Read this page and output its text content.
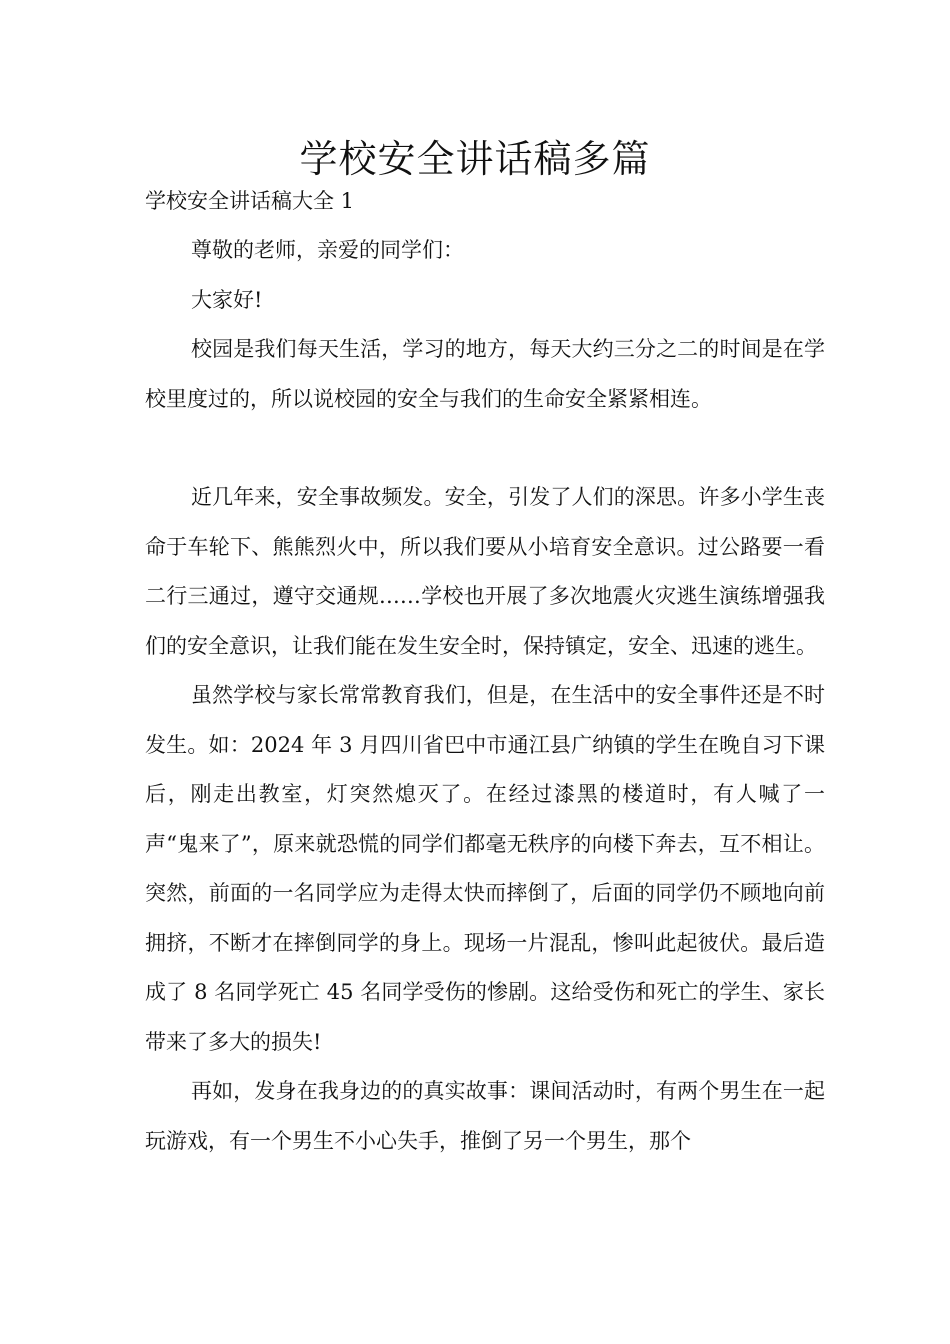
学校安全讲话稿多篇

学校安全讲话稿大全 1

尊敬的老师，亲爱的同学们：

大家好!

校园是我们每天生活，学习的地方，每天大约三分之二的时间是在学校里度过的，所以说校园的安全与我们的生命安全紧紧相连。

近几年来，安全事故频发。安全，引发了人们的深思。许多小学生丧命于车轮下、熊熊烈火中，所以我们要从小培育安全意识。过公路要一看二行三通过，遵守交通规……学校也开展了多次地震火灾逃生演练增强我们的安全意识，让我们能在发生安全时，保持镇定，安全、迅速的逃生。

虽然学校与家长常常教育我们，但是，在生活中的安全事件还是不时发生。如：2024 年 3 月四川省巴中市通江县广纳镇的学生在晚自习下课后，刚走出教室，灯突然熄灭了。在经过漆黑的楼道时，有人喊了一声“鬼来了”，原来就恐慌的同学们都毫无秩序的向楼下奔去，互不相让。突然，前面的一名同学应为走得太快而摔倒了，后面的同学仍不顾地向前拥挤，不断才在摔倒同学的身上。现场一片混乱，惨叫此起彼伏。最后造成了 8 名同学死亡 45 名同学受伤的惨剧。这给受伤和死亡的学生、家长带来了多大的损失!

再如，发身在我身边的的真实故事：课间活动时，有两个男生在一起玩游戏，有一个男生不小心失手，推倒了另一个男生，那个
